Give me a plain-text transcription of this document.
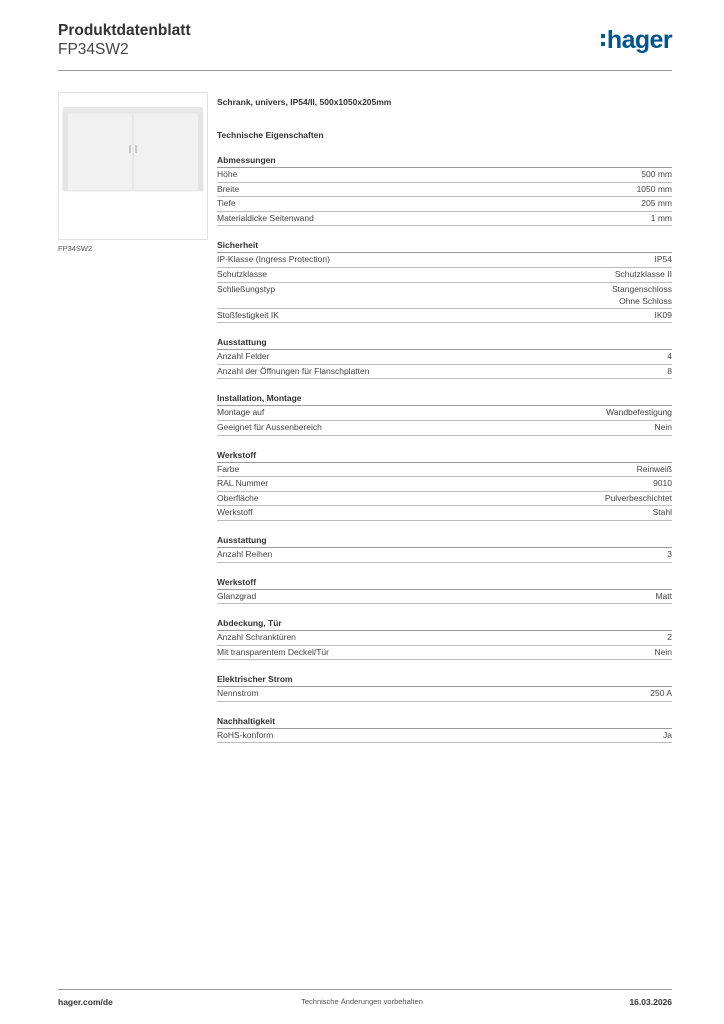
Produktdatenblatt
FP34SW2	hager
FP34SW2
Schrank, univers, IP54/II, 500x1050x205mm
Technische Eigenschaften
Abmessungen
Höhe	500 mm
Breite	1050 mm
Tiefe	205 mm
Materialdicke Seitenwand	1 mm
Sicherheit
IP-Klasse (Ingress Protection)	IP54
Schutzklasse	Schutzklasse II
Schließungstyp	Stangenschloss
Ohne Schloss
Stoßfestigkeit IK	IK09
Ausstattung
Anzahl Felder	4
Anzahl der Öffnungen für Flanschplatten	8
Installation, Montage
Montage auf	Wandbefestigung
Geeignet für Aussenbereich	Nein
Werkstoff
Farbe	Reinweiß
RAL Nummer	9010
Oberfläche	Pulverbeschichtet
Werkstoff	Stahl
Ausstattung
Anzahl Reihen	3
Werkstoff
Glanzgrad	Matt
Abdeckung, Tür
Anzahl Schranktüren	2
Mit transparentem Deckel/Tür	Nein
Elektrischer Strom
Nennstrom	250 A
Nachhaltigkeit
RoHS-konform	Ja
hager.com/de	Technische Änderungen vorbehalten	16.03.2026
